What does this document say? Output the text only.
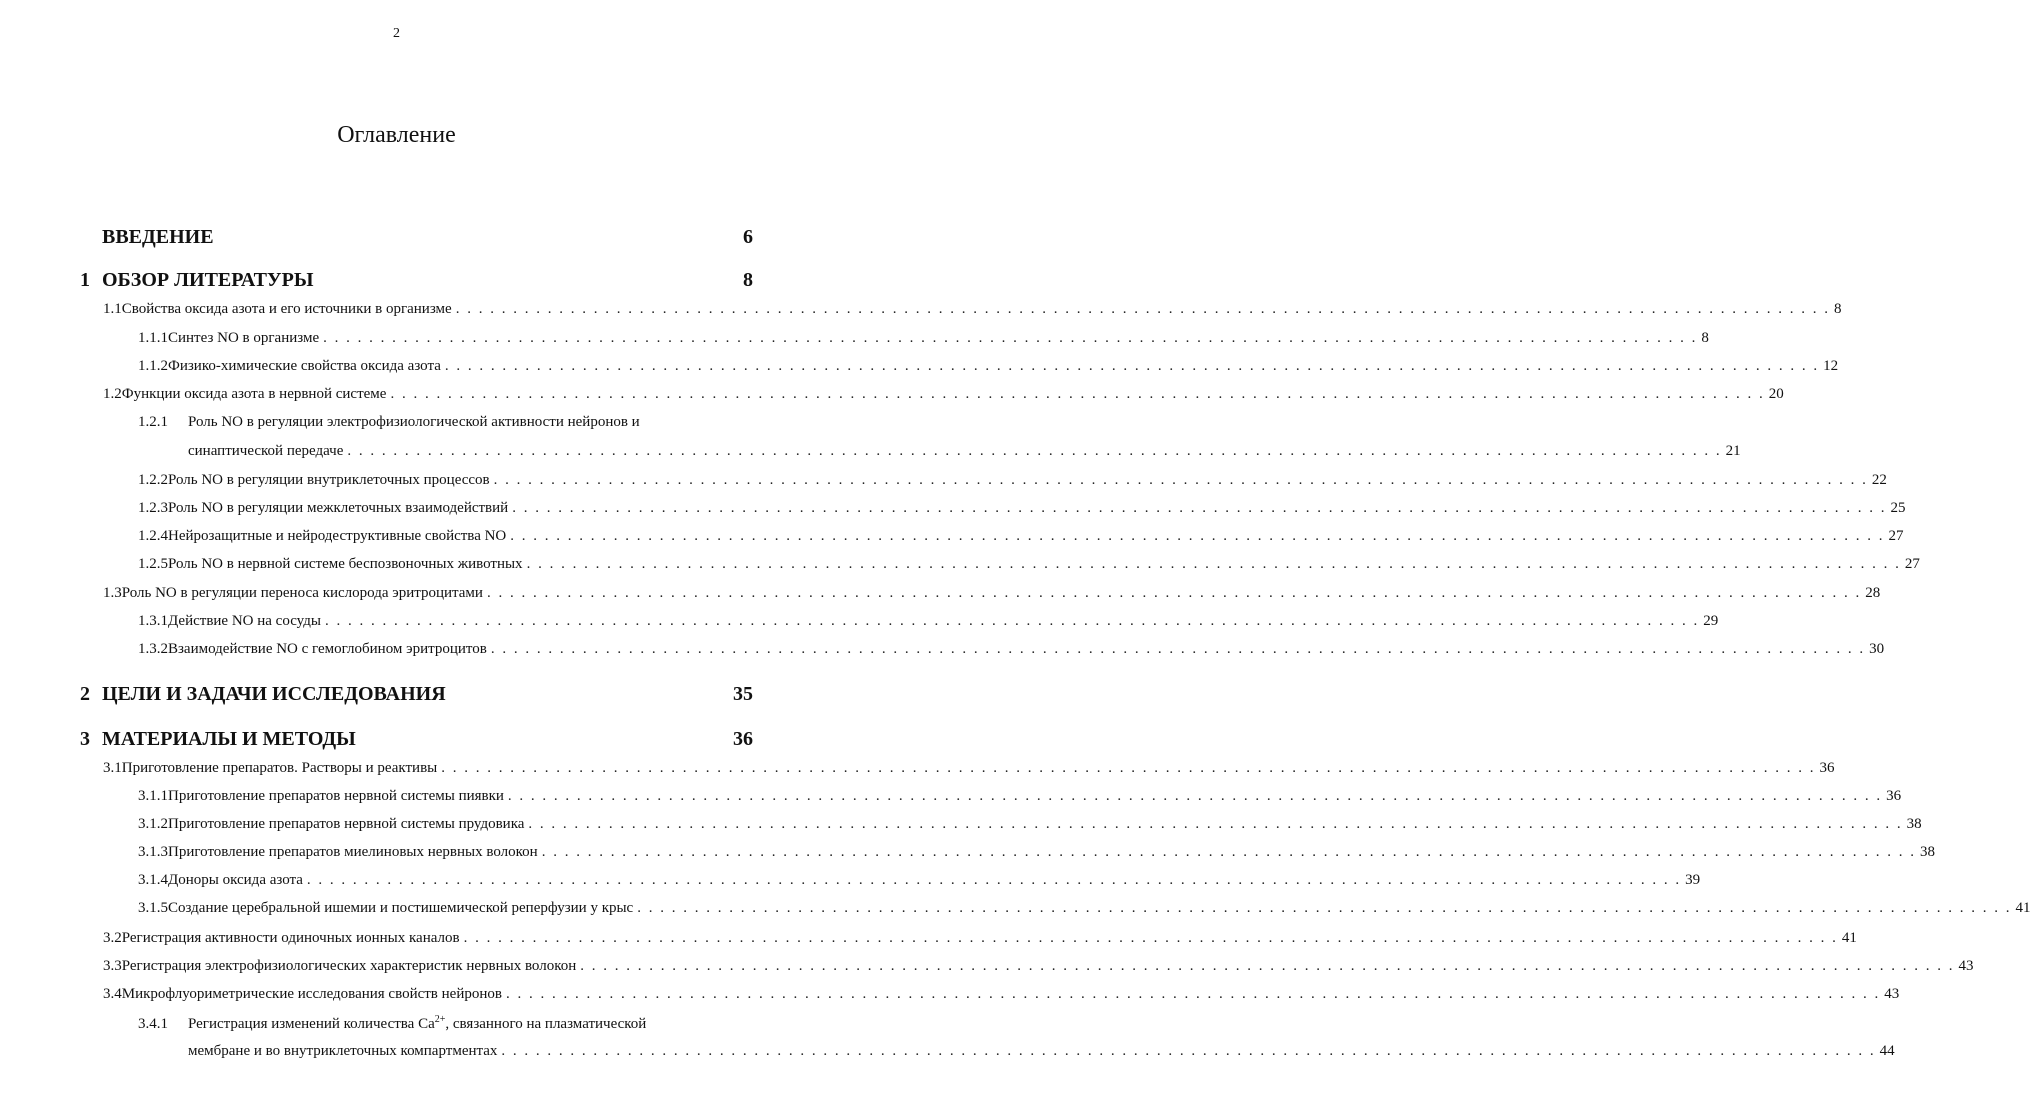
2
Оглавление
ВВЕДЕНИЕ	6
1 ОБЗОР ЛИТЕРАТУРЫ	8
1.1 Свойства оксида азота и его источники в организме . . . . . . . . . . . . . . . . . . . . . . . . . . . . . . . . . . . . . . . . . . . . . . . . . . . . . . . . . . . . . . . . . . . . . . . . . . . . . . . . . . . . . . . . . . . . . . . . . . . . . . . . . . . . . . . . . . . . . . . . 8
1.1.1 Синтез NO в организме . . . . . . . . . . . . . . . . . . . . . . . . . . . . . . . . . . . . . . . . . . . . . . . . . . . . . . . . . . . . . . . . . . . . . . . . . . . . . . . . . . . . . . . . . . . . . . . . . . . . . . . . . . . . . . . . . . . . . . . . 8
1.1.2 Физико-химические свойства оксида азота . . . . . . . . . . . . . . . . . . . . . . . . . . . . . . . . . . . . . . . . . . . . . . . . . . . . . . . . . . . . . . . . . . . . . . . . . . . . . . . . . . . . . . . . . . . . . . . . . . . . . . . . . . . . . . . . . . . . . . . . 12
1.2 Функции оксида азота в нервной системе . . . . . . . . . . . . . . . . . . . . . . . . . . . . . . . . . . . . . . . . . . . . . . . . . . . . . . . . . . . . . . . . . . . . . . . . . . . . . . . . . . . . . . . . . . . . . . . . . . . . . . . . . . . . . . . . . . . . . . . . 20
1.2.1	Роль NO в регуляции электрофизиологической активности нейронов и
синаптической передаче . . . . . . . . . . . . . . . . . . . . . . . . . . . . . . . . . . . . . . . . . . . . . . . . . . . . . . . . . . . . . . . . . . . . . . . . . . . . . . . . . . . . . . . . . . . . . . . . . . . . . . . . . . . . . . . . . . . . . . . . 21
1.2.2 Роль NO в регуляции внутриклеточных процессов . . . . . . . . . . . . . . . . . . . . . . . . . . . . . . . . . . . . . . . . . . . . . . . . . . . . . . . . . . . . . . . . . . . . . . . . . . . . . . . . . . . . . . . . . . . . . . . . . . . . . . . . . . . . . . . . . . . . . . . . 22
1.2.3 Роль NO в регуляции межклеточных взаимодействий . . . . . . . . . . . . . . . . . . . . . . . . . . . . . . . . . . . . . . . . . . . . . . . . . . . . . . . . . . . . . . . . . . . . . . . . . . . . . . . . . . . . . . . . . . . . . . . . . . . . . . . . . . . . . . . . . . . . . . . . 25
1.2.4 Нейрозащитные и нейродеструктивные свойства NO . . . . . . . . . . . . . . . . . . . . . . . . . . . . . . . . . . . . . . . . . . . . . . . . . . . . . . . . . . . . . . . . . . . . . . . . . . . . . . . . . . . . . . . . . . . . . . . . . . . . . . . . . . . . . . . . . . . . . . . . 27
1.2.5 Роль NO в нервной системе беспозвоночных животных . . . . . . . . . . . . . . . . . . . . . . . . . . . . . . . . . . . . . . . . . . . . . . . . . . . . . . . . . . . . . . . . . . . . . . . . . . . . . . . . . . . . . . . . . . . . . . . . . . . . . . . . . . . . . . . . . . . . . . . . 27
1.3 Роль NO в регуляции переноса кислорода эритроцитами . . . . . . . . . . . . . . . . . . . . . . . . . . . . . . . . . . . . . . . . . . . . . . . . . . . . . . . . . . . . . . . . . . . . . . . . . . . . . . . . . . . . . . . . . . . . . . . . . . . . . . . . . . . . . . . . . . . . . . . . 28
1.3.1 Действие NO на сосуды . . . . . . . . . . . . . . . . . . . . . . . . . . . . . . . . . . . . . . . . . . . . . . . . . . . . . . . . . . . . . . . . . . . . . . . . . . . . . . . . . . . . . . . . . . . . . . . . . . . . . . . . . . . . . . . . . . . . . . . . 29
1.3.2 Взаимодействие NO с гемоглобином эритроцитов . . . . . . . . . . . . . . . . . . . . . . . . . . . . . . . . . . . . . . . . . . . . . . . . . . . . . . . . . . . . . . . . . . . . . . . . . . . . . . . . . . . . . . . . . . . . . . . . . . . . . . . . . . . . . . . . . . . . . . . . 30
2 ЦЕЛИ И ЗАДАЧИ ИССЛЕДОВАНИЯ	35
3 МАТЕРИАЛЫ И МЕТОДЫ	36
3.1 Приготовление препаратов. Растворы и реактивы . . . . . . . . . . . . . . . . . . . . . . . . . . . . . . . . . . . . . . . . . . . . . . . . . . . . . . . . . . . . . . . . . . . . . . . . . . . . . . . . . . . . . . . . . . . . . . . . . . . . . . . . . . . . . . . . . . . . . . . . 36
3.1.1 Приготовление препаратов нервной системы пиявки . . . . . . . . . . . . . . . . . . . . . . . . . . . . . . . . . . . . . . . . . . . . . . . . . . . . . . . . . . . . . . . . . . . . . . . . . . . . . . . . . . . . . . . . . . . . . . . . . . . . . . . . . . . . . . . . . . . . . . . . 36
3.1.2 Приготовление препаратов нервной системы прудовика . . . . . . . . . . . . . . . . . . . . . . . . . . . . . . . . . . . . . . . . . . . . . . . . . . . . . . . . . . . . . . . . . . . . . . . . . . . . . . . . . . . . . . . . . . . . . . . . . . . . . . . . . . . . . . . . . . . . . . . . 38
3.1.3 Приготовление препаратов миелиновых нервных волокон . . . . . . . . . . . . . . . . . . . . . . . . . . . . . . . . . . . . . . . . . . . . . . . . . . . . . . . . . . . . . . . . . . . . . . . . . . . . . . . . . . . . . . . . . . . . . . . . . . . . . . . . . . . . . . . . . . . . . . . . 38
3.1.4 Доноры оксида азота . . . . . . . . . . . . . . . . . . . . . . . . . . . . . . . . . . . . . . . . . . . . . . . . . . . . . . . . . . . . . . . . . . . . . . . . . . . . . . . . . . . . . . . . . . . . . . . . . . . . . . . . . . . . . . . . . . . . . . . . 39
3.1.5 Создание церебральной ишемии и постишемической реперфузии у крыс . . . . . . . . . . . . . . . . . . . . . . . . . . . . . . . . . . . . . . . . . . . . . . . . . . . . . . . . . . . . . . . . . . . . . . . . . . . . . . . . . . . . . . . . . . . . . . . . . . . . . . . . . . . . . . . . . . . . . . . . 41
3.2 Регистрация активности одиночных ионных каналов . . . . . . . . . . . . . . . . . . . . . . . . . . . . . . . . . . . . . . . . . . . . . . . . . . . . . . . . . . . . . . . . . . . . . . . . . . . . . . . . . . . . . . . . . . . . . . . . . . . . . . . . . . . . . . . . . . . . . . . . 41
3.3 Регистрация электрофизиологических характеристик нервных волокон . . . . . . . . . . . . . . . . . . . . . . . . . . . . . . . . . . . . . . . . . . . . . . . . . . . . . . . . . . . . . . . . . . . . . . . . . . . . . . . . . . . . . . . . . . . . . . . . . . . . . . . . . . . . . . . . . . . . . . . . 43
3.4 Микрофлуориметрические исследования свойств нейронов . . . . . . . . . . . . . . . . . . . . . . . . . . . . . . . . . . . . . . . . . . . . . . . . . . . . . . . . . . . . . . . . . . . . . . . . . . . . . . . . . . . . . . . . . . . . . . . . . . . . . . . . . . . . . . . . . . . . . . . . 43
3.4.1	Регистрация изменений количества $Ca^{2+}$, связанного на плазматической
мембране и во внутриклеточных компартментах . . . . . . . . . . . . . . . . . . . . . . . . . . . . . . . . . . . . . . . . . . . . . . . . . . . . . . . . . . . . . . . . . . . . . . . . . . . . . . . . . . . . . . . . . . . . . . . . . . . . . . . . . . . . . . . . . . . . . . . . 44
